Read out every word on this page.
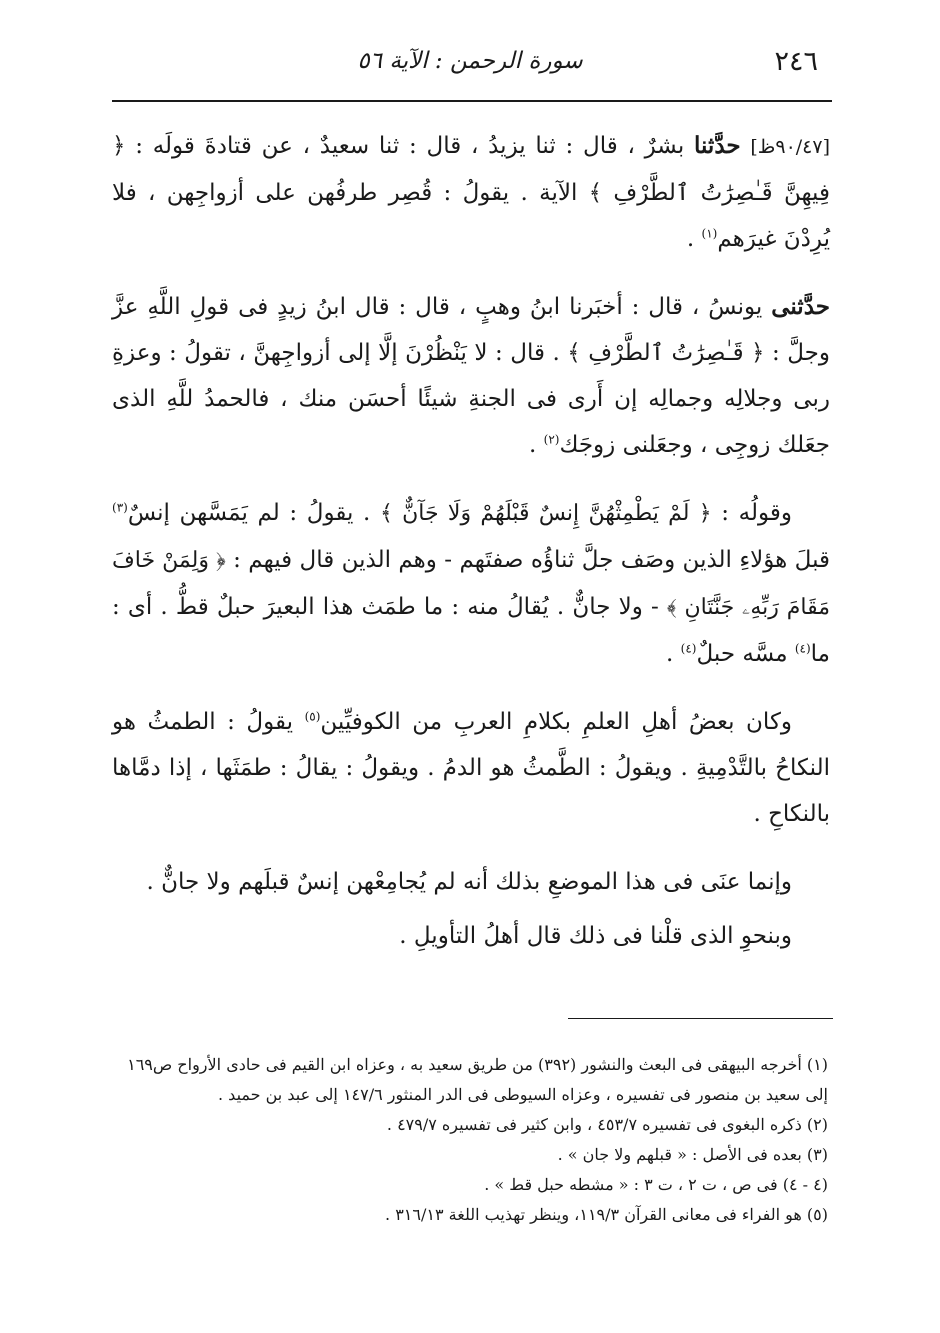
٢٤٦
سورة الرحمن : الآية ٥٦

[٩٠/٤٧ظ] حدَّثنا بشرٌ ، قال : ثنا يزيدُ ، قال : ثنا سعيدٌ ، عن قتادةَ قولَه : ﴿ فِيهِنَّ قَـٰصِرَٰتُ ٱلطَّرْفِ ﴾ الآية . يقولُ : قُصِر طرفُهن على أزواجِهن ، فلا يُرِدْنَ غيرَهم$^{(١)}$ .

حدَّثنى يونسُ ، قال : أخبَرنا ابنُ وهبٍ ، قال : قال ابنُ زيدٍ فى قولِ اللَّهِ عزَّ وجلَّ : ﴿ قَـٰصِرَٰتُ ٱلطَّرْفِ ﴾ . قال : لا يَنْظُرْنَ إلَّا إلى أزواجِهنَّ ، تقولُ : وعزةِ ربى وجلالِه وجمالِه إن أَرى فى الجنةِ شيئًا أحسَن منك ، فالحمدُ للَّهِ الذى جعَلك زوجِى ، وجعَلنى زوجَك$^{(٢)}$ .

وقولُه : ﴿ لَمْ يَطْمِثْهُنَّ إِنسٌ قَبْلَهُمْ وَلَا جَآنٌّ ﴾ . يقولُ : لم يَمَسَّهن إنسٌ$^{(٣)}$ قبلَ هؤلاءِ الذين وصَف جلَّ ثناؤُه صفتَهم - وهم الذين قال فيهم : ﴿ وَلِمَنْ خَافَ مَقَامَ رَبِّهِۦ جَنَّتَانِ ﴾ - ولا جانٌّ . يُقالُ منه : ما طمَث هذا البعيرَ حبلٌ قطُّ . أى : ما$^{(٤)}$ مسَّه حبلٌ$^{(٤)}$ .

وكان بعضُ أهلِ العلمِ بكلامِ العربِ من الكوفيِّين$^{(٥)}$ يقولُ : الطمثُ هو النكاحُ بالتَّدْمِيةِ . ويقولُ : الطَّمثُ هو الدمُ . ويقولُ : يقالُ : طمَثَها ، إذا دمَّاها بالنكاحِ .

وإنما عنَى فى هذا الموضعِ بذلك أنه لم يُجامِعْهن إنسٌ قبلَهم ولا جانٌّ .

وبنحوِ الذى قلْنا فى ذلك قال أهلُ التأويلِ .

(١) أخرجه البيهقى فى البعث والنشور (٣٩٢) من طريق سعيد به ، وعزاه ابن القيم فى حادى الأرواح ص١٦٩ إلى سعيد بن منصور فى تفسيره ، وعزاه السيوطى فى الدر المنثور ١٤٧/٦ إلى عبد بن حميد .
(٢) ذكره البغوى فى تفسيره ٤٥٣/٧ ، وابن كثير فى تفسيره ٤٧٩/٧ .
(٣) بعده فى الأصل : « قبلهم ولا جان » .
(٤ - ٤) فى ص ، ت ٢ ، ت ٣ : « مشطه حبل قط » .
(٥) هو الفراء فى معانى القرآن ١١٩/٣، وينظر تهذيب اللغة ٣١٦/١٣ .
